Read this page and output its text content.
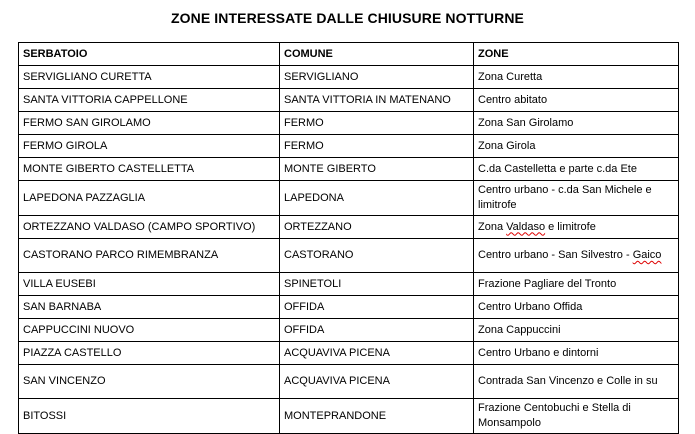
ZONE INTERESSATE DALLE CHIUSURE NOTTURNE
SERBATOIO	COMUNE	ZONE
SERVIGLIANO CURETTA	SERVIGLIANO	Zona Curetta
SANTA VITTORIA CAPPELLONE	SANTA VITTORIA IN MATENANO	Centro abitato
FERMO SAN GIROLAMO	FERMO	Zona San Girolamo
FERMO GIROLA	FERMO	Zona Girola
MONTE GIBERTO CASTELLETTA	MONTE GIBERTO	C.da Castelletta e parte c.da Ete
LAPEDONA PAZZAGLIA	LAPEDONA	Centro urbano - c.da San Michele e limitrofe
ORTEZZANO VALDASO (CAMPO SPORTIVO)	ORTEZZANO	Zona Valdaso e limitrofe
CASTORANO PARCO RIMEMBRANZA	CASTORANO	Centro urbano - San Silvestro - Gaico
VILLA EUSEBI	SPINETOLI	Frazione Pagliare del Tronto
SAN BARNABA	OFFIDA	Centro Urbano Offida
CAPPUCCINI NUOVO	OFFIDA	Zona Cappuccini
PIAZZA CASTELLO	ACQUAVIVA PICENA	Centro Urbano e dintorni
SAN VINCENZO	ACQUAVIVA PICENA	Contrada San Vincenzo e Colle in su
BITOSSI	MONTEPRANDONE	Frazione Centobuchi e Stella di Monsampolo
